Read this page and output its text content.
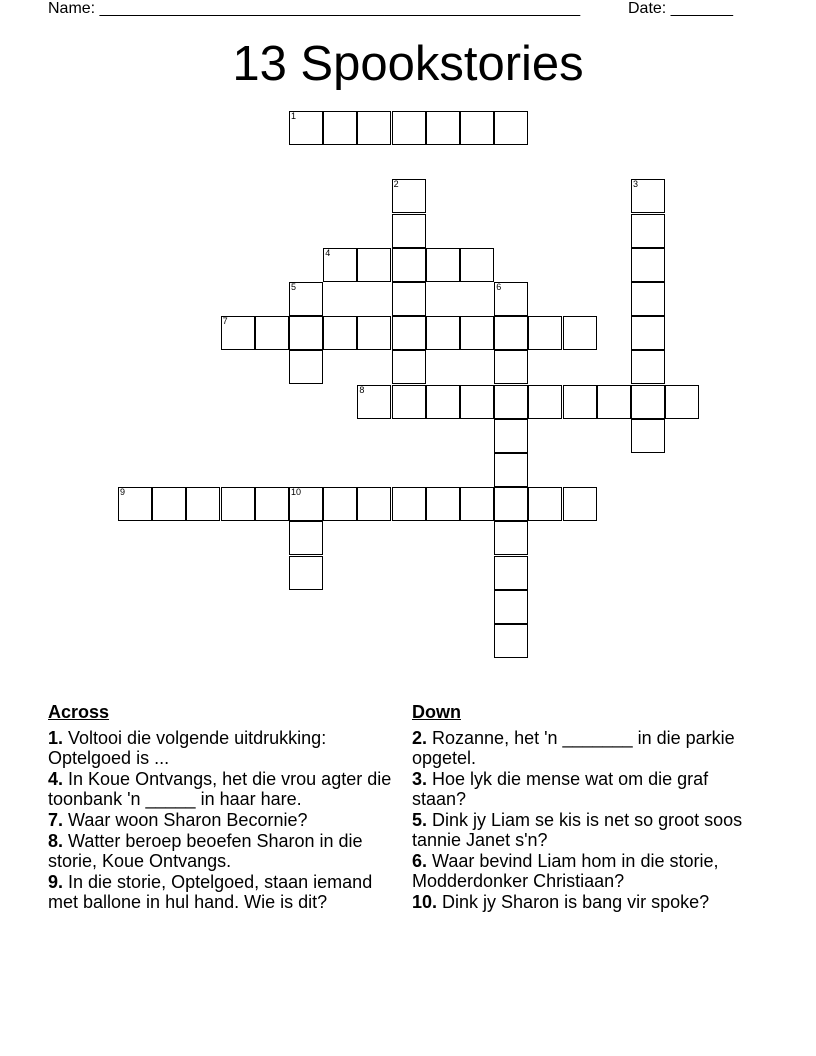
Name: ______________________________________________________	Date: _______
13 Spookstories
1
2	3
4
5	6
7
8
9	10
Across
1. Voltooi die volgende uitdrukking: Optelgoed is ...
4. In Koue Ontvangs, het die vrou agter die toonbank 'n _____ in haar hare.
7. Waar woon Sharon Becornie?
8. Watter beroep beoefen Sharon in die storie, Koue Ontvangs.
9. In die storie, Optelgoed, staan iemand met ballone in hul hand. Wie is dit?
Down
2. Rozanne, het 'n _______ in die parkie opgetel.
3. Hoe lyk die mense wat om die graf staan?
5. Dink jy Liam se kis is net so groot soos tannie Janet s'n?
6. Waar bevind Liam hom in die storie, Modderdonker Christiaan?
10. Dink jy Sharon is bang vir spoke?
